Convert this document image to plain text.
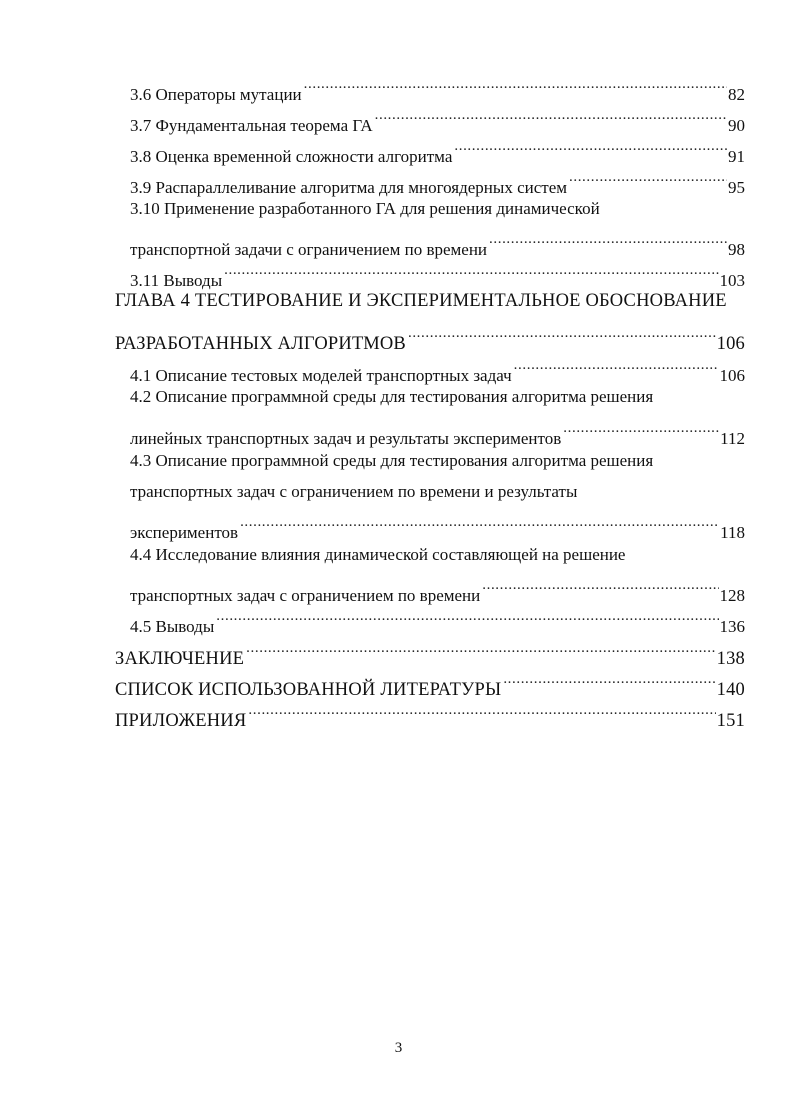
3.6 Операторы мутации .....	82
3.7 Фундаментальная теорема ГА .....	90
3.8 Оценка временной сложности алгоритма .....	91
3.9 Распараллеливание алгоритма для многоядерных систем .....	95
3.10 Применение разработанного ГА для решения динамической
транспортной задачи с ограничением по времени .....	98
3.11 Выводы .....	103
ГЛАВА 4 ТЕСТИРОВАНИЕ И ЭКСПЕРИМЕНТАЛЬНОЕ ОБОСНОВАНИЕ
РАЗРАБОТАННЫХ АЛГОРИТМОВ .....	106
4.1 Описание тестовых моделей транспортных задач .....	106
4.2 Описание программной среды для тестирования алгоритма решения
линейных транспортных задач и результаты экспериментов .....	112
4.3 Описание программной среды для тестирования алгоритма решения
транспортных задач с ограничением по времени и результаты
экспериментов .....	118
4.4 Исследование влияния динамической составляющей на решение
транспортных задач с ограничением по времени .....	128
4.5 Выводы .....	136
ЗАКЛЮЧЕНИЕ .....	138
СПИСОК ИСПОЛЬЗОВАННОЙ ЛИТЕРАТУРЫ .....	140
ПРИЛОЖЕНИЯ .....	151
3
